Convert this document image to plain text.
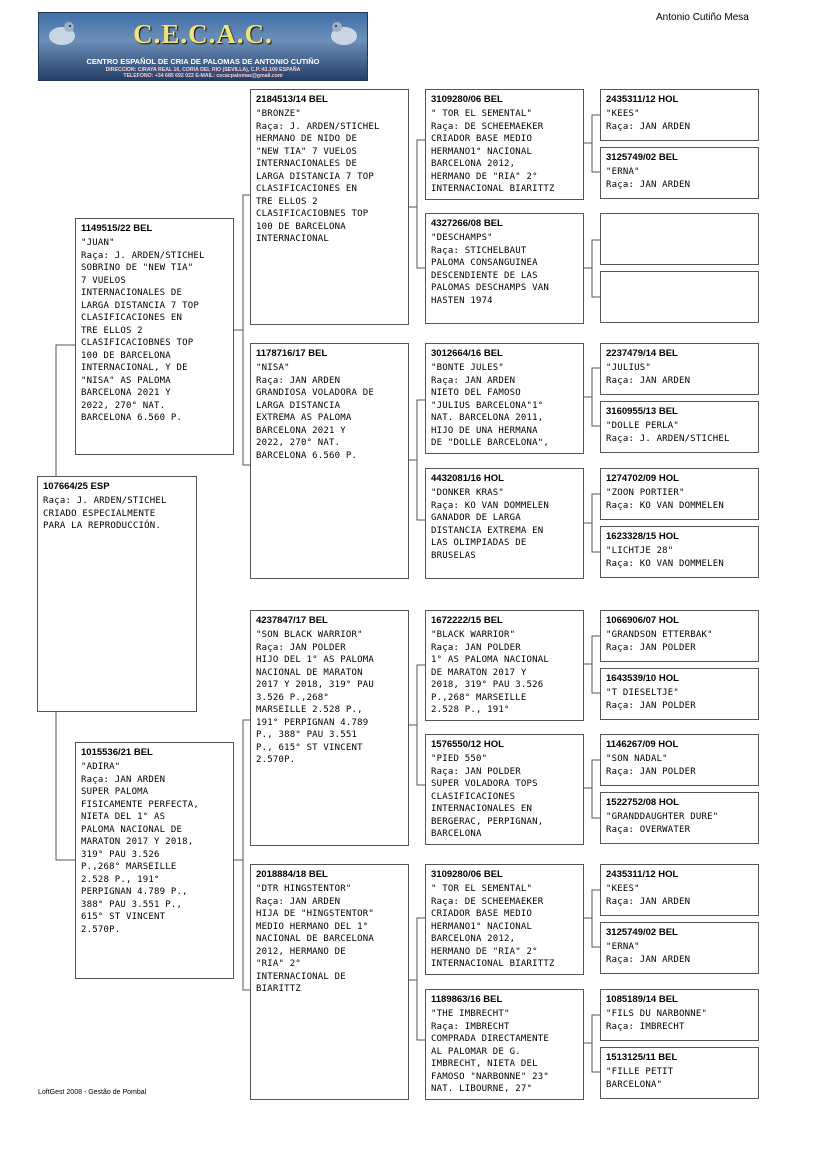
C.E.C.A.C.
CENTRO ESPAÑOL DE CRIA DE PALOMAS DE ANTONIO CUTIÑO
DIRECCION: C/RAYA REAL 16, CORIA DEL RIO (SEVILLA), C.P.:41.100 ESPAÑA
TELEFONO: +34 685 692 022 E-MAIL: cecacpalomas@gmail.com
Antonio Cutiño Mesa
107664/25 ESP
Raça: J. ARDEN/STICHEL
CRIADO ESPECIALMENTE
PARA LA REPRODUCCIÓN.
1149515/22 BEL
"JUAN"
Raça: J. ARDEN/STICHEL
SOBRINO DE "NEW TIA"
7 VUELOS
INTERNACIONALES DE
LARGA DISTANCIA 7 TOP
CLASIFICACIONES EN
TRE ELLOS 2
CLASIFICACIOBNES TOP
100 DE BARCELONA
INTERNACIONAL, Y DE
"NISA" AS PALOMA
BARCELONA 2021 Y
2022, 270° NAT.
BARCELONA 6.560 P.
1015536/21 BEL
"ADIRA"
Raça: JAN ARDEN
SUPER PALOMA
FISICAMENTE PERFECTA,
NIETA DEL 1° AS
PALOMA NACIONAL DE
MARATON 2017 Y 2018,
319° PAU 3.526
P.,268° MARSEILLE
2.528 P., 191°
PERPIGNAN 4.789 P.,
388° PAU 3.551 P.,
615° ST VINCENT
2.570P.
2184513/14 BEL
"BRONZE"
Raça: J. ARDEN/STICHEL
HERMANO DE NIDO DE
"NEW TIA" 7 VUELOS
INTERNACIONALES DE
LARGA DISTANCIA 7 TOP
CLASIFICACIONES EN
TRE ELLOS 2
CLASIFICACIOBNES TOP
100 DE BARCELONA
INTERNACIONAL
1178716/17 BEL
"NISA"
Raça: JAN ARDEN
GRANDIOSA VOLADORA DE
LARGA DISTANCIA
EXTREMA AS PALOMA
BARCELONA 2021 Y
2022, 270° NAT.
BARCELONA 6.560 P.
4237847/17 BEL
"SON BLACK WARRIOR"
Raça: JAN POLDER
HIJO DEL 1° AS PALOMA
NACIONAL DE MARATON
2017 Y 2018, 319° PAU
3.526 P.,268°
MARSEILLE 2.528 P.,
191° PERPIGNAN 4.789
P., 388° PAU 3.551
P., 615° ST VINCENT
2.570P.
2018884/18 BEL
"DTR HINGSTENTOR"
Raça: JAN ARDEN
HIJA DE "HINGSTENTOR"
MEDIO HERMANO DEL 1°
NACIONAL DE BARCELONA
2012, HERMANO DE
"RIA" 2°
INTERNACIONAL DE
BIARITTZ
3109280/06 BEL
" TOR EL SEMENTAL"
Raça: DE SCHEEMAEKER
CRIADOR BASE MEDIO
HERMANO1° NACIONAL
BARCELONA 2012,
HERMANO DE "RIA" 2°
INTERNACIONAL BIARITTZ
4327266/08 BEL
"DESCHAMPS"
Raça: STICHELBAUT
PALOMA CONSANGUINEA
DESCENDIENTE DE LAS
PALOMAS DESCHAMPS VAN
HASTEN 1974
3012664/16 BEL
"BONTE JULES"
Raça: JAN ARDEN
NIETO DEL FAMOSO
"JULIUS BARCELONA"1°
NAT. BARCELONA 2011,
HIJO DE UNA HERMANA
DE "DOLLE BARCELONA",
4432081/16 HOL
"DONKER KRAS"
Raça: KO VAN DOMMELEN
GANADOR DE LARGA
DISTANCIA EXTREMA EN
LAS OLIMPIADAS DE
BRUSELAS
1672222/15 BEL
"BLACK WARRIOR"
Raça: JAN POLDER
1° AS PALOMA NACIONAL
DE MARATON 2017 Y
2018, 319° PAU 3.526
P.,268° MARSEILLE
2.528 P., 191°
1576550/12 HOL
"PIED 550"
Raça: JAN POLDER
SUPER VOLADORA TOPS
CLASIFICACIONES
INTERNACIONALES EN
BERGERAC, PERPIGNAN,
BARCELONA
3109280/06 BEL
" TOR EL SEMENTAL"
Raça: DE SCHEEMAEKER
CRIADOR BASE MEDIO
HERMANO1° NACIONAL
BARCELONA 2012,
HERMANO DE "RIA" 2°
INTERNACIONAL BIARITTZ
1189863/16 BEL
"THE IMBRECHT"
Raça: IMBRECHT
COMPRADA DIRECTAMENTE
AL PALOMAR DE G.
IMBRECHT, NIETA DEL
FAMOSO "NARBONNE" 23°
NAT. LIBOURNE, 27°
2435311/12 HOL
"KEES"
Raça: JAN ARDEN
3125749/02 BEL
"ERNA"
Raça: JAN ARDEN
2237479/14 BEL
"JULIUS"
Raça: JAN ARDEN
3160955/13 BEL
"DOLLE PERLA"
Raça: J. ARDEN/STICHEL
1274702/09 HOL
"ZOON PORTIER"
Raça: KO VAN DOMMELEN
1623328/15 HOL
"LICHTJE 28"
Raça: KO VAN DOMMELEN
1066906/07 HOL
"GRANDSON ETTERBAK"
Raça: JAN POLDER
1643539/10 HOL
"T DIESELTJE"
Raça: JAN POLDER
1146267/09 HOL
"SON NADAL"
Raça: JAN POLDER
1522752/08 HOL
"GRANDDAUGHTER DURE"
Raça: OVERWATER
2435311/12 HOL
"KEES"
Raça: JAN ARDEN
3125749/02 BEL
"ERNA"
Raça: JAN ARDEN
1085189/14 BEL
"FILS DU NARBONNE"
Raça: IMBRECHT
1513125/11 BEL
"FILLE PETIT
BARCELONA"
LoftGest 2008 - Gestão de Pombal
